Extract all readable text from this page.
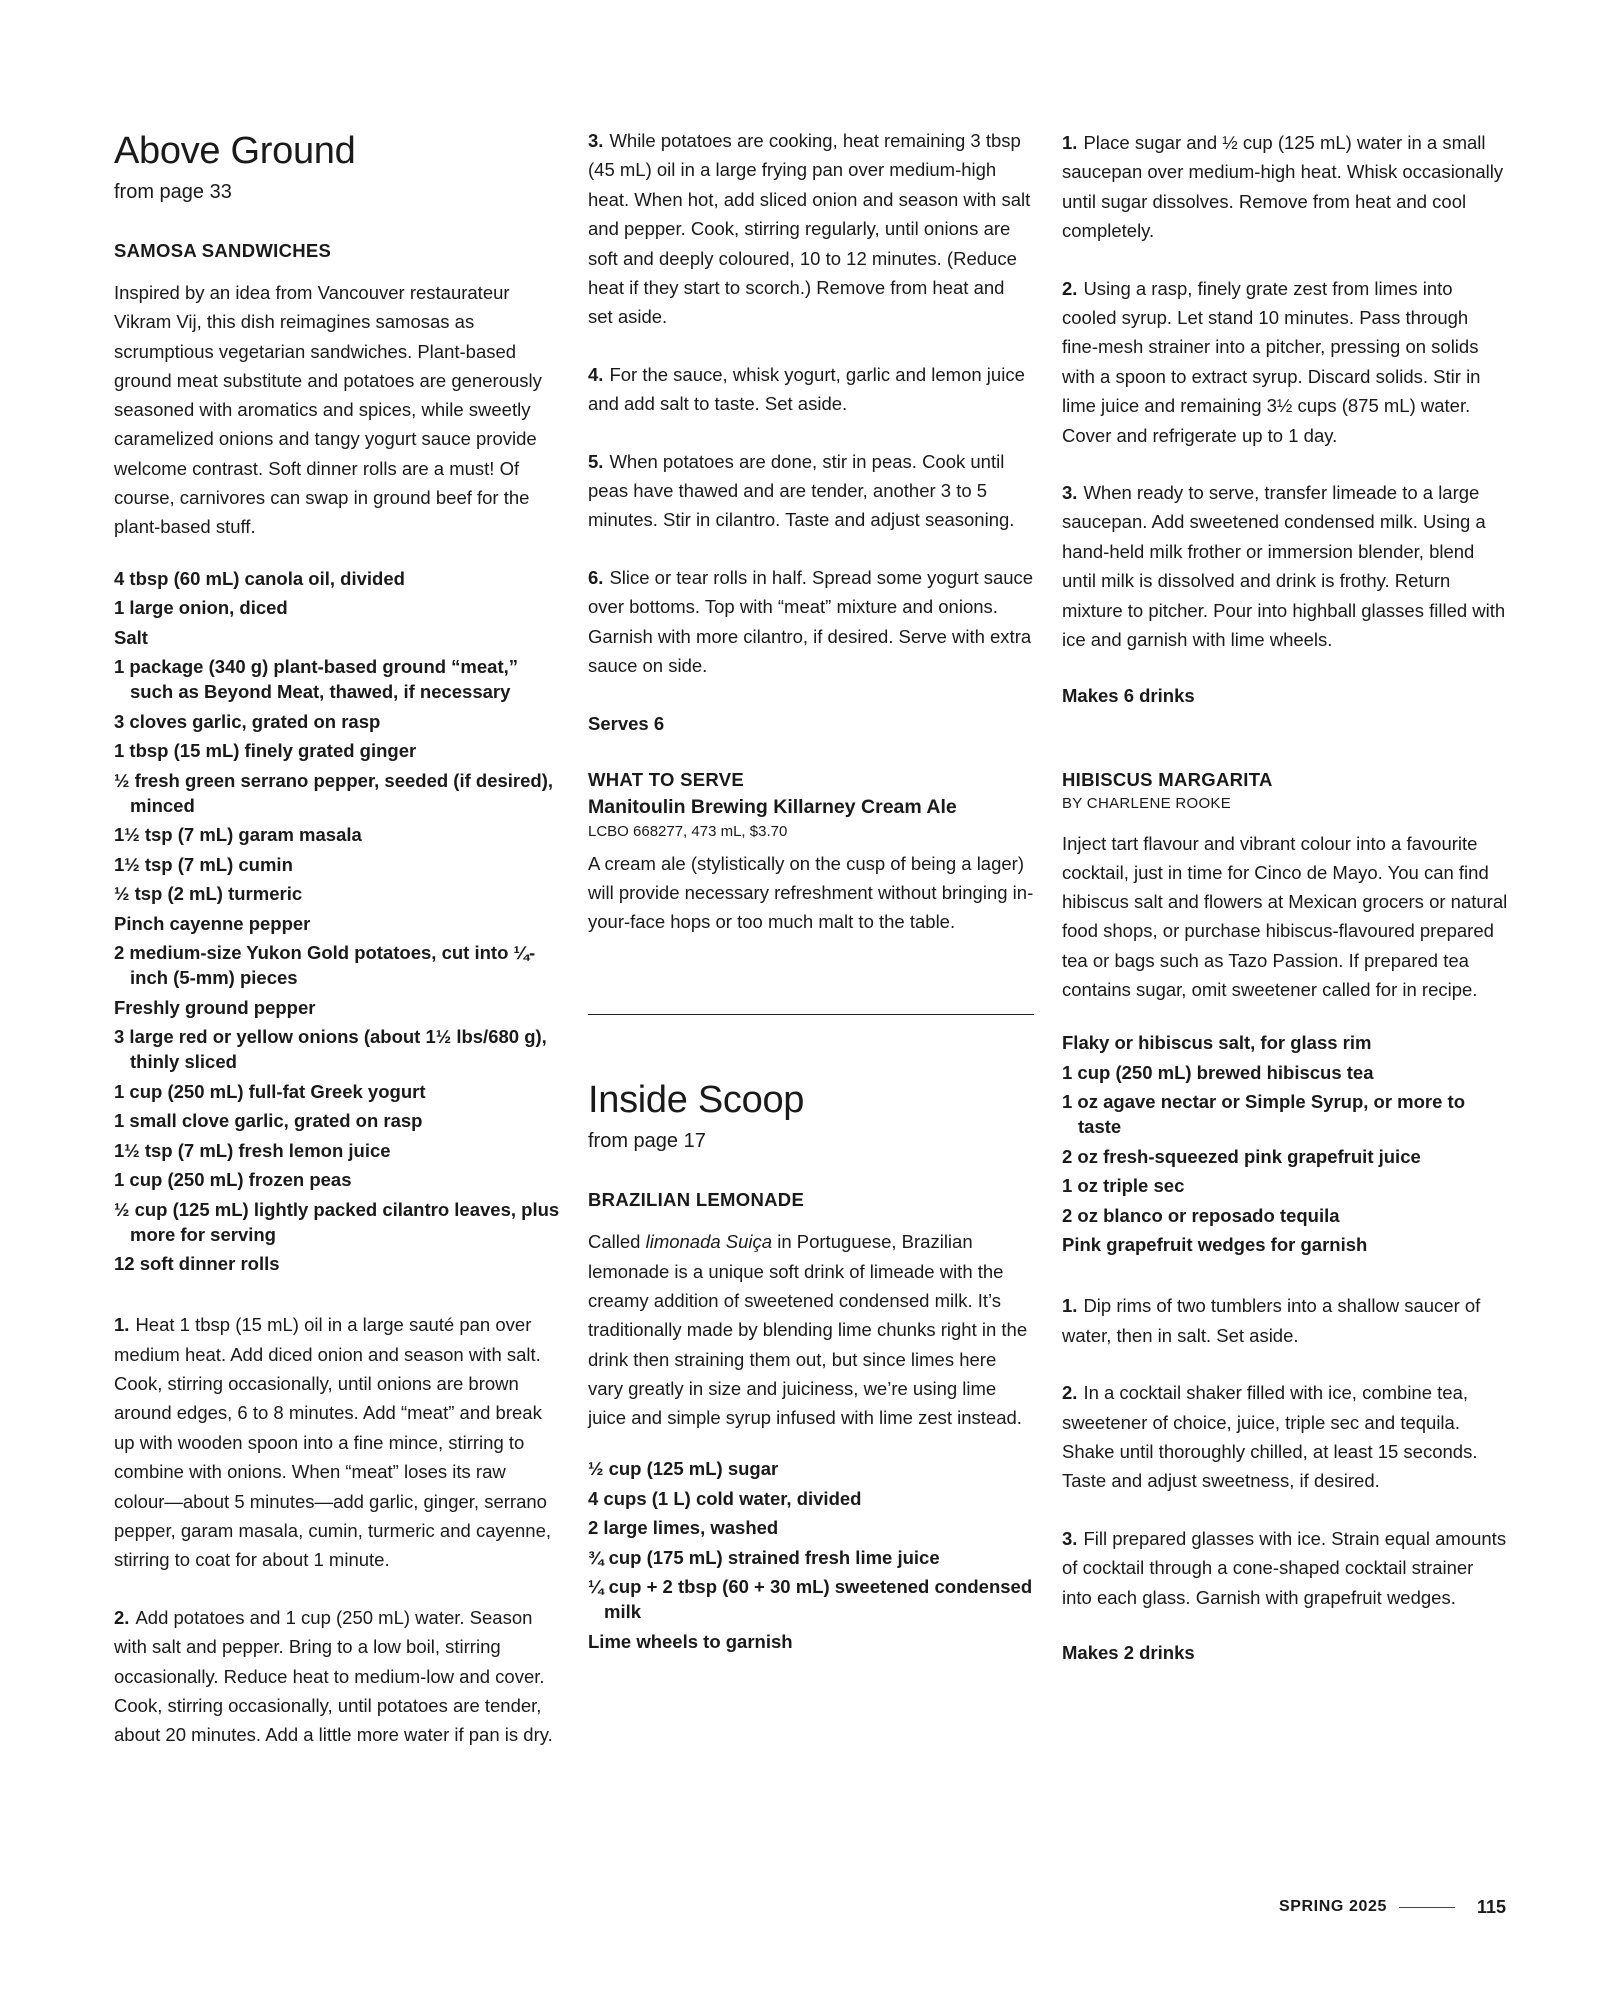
Above Ground

from page 33

SAMOSA SANDWICHES

Inspired by an idea from Vancouver restaurateur Vikram Vij, this dish reimagines samosas as scrumptious vegetarian sandwiches. Plant-based ground meat substitute and potatoes are generously seasoned with aromatics and spices, while sweetly caramelized onions and tangy yogurt sauce provide welcome contrast. Soft dinner rolls are a must! Of course, carnivores can swap in ground beef for the plant-based stuff.

4 tbsp (60 mL) canola oil, divided
1 large onion, diced
Salt
1 package (340 g) plant-based ground “meat,” such as Beyond Meat, thawed, if necessary
3 cloves garlic, grated on rasp
1 tbsp (15 mL) finely grated ginger
½ fresh green serrano pepper, seeded (if desired), minced
1½ tsp (7 mL) garam masala
1½ tsp (7 mL) cumin
½ tsp (2 mL) turmeric
Pinch cayenne pepper
2 medium-size Yukon Gold potatoes, cut into ¼-inch (5-mm) pieces
Freshly ground pepper
3 large red or yellow onions (about 1½ lbs/680 g), thinly sliced
1 cup (250 mL) full-fat Greek yogurt
1 small clove garlic, grated on rasp
1½ tsp (7 mL) fresh lemon juice
1 cup (250 mL) frozen peas
½ cup (125 mL) lightly packed cilantro leaves, plus more for serving
12 soft dinner rolls

1. Heat 1 tbsp (15 mL) oil in a large sauté pan over medium heat. Add diced onion and season with salt. Cook, stirring occasionally, until onions are brown around edges, 6 to 8 minutes. Add “meat” and break up with wooden spoon into a fine mince, stirring to combine with onions. When “meat” loses its raw colour—about 5 minutes—add garlic, ginger, serrano pepper, garam masala, cumin, turmeric and cayenne, stirring to coat for about 1 minute.

2. Add potatoes and 1 cup (250 mL) water. Season with salt and pepper. Bring to a low boil, stirring occasionally. Reduce heat to medium-low and cover. Cook, stirring occasionally, until potatoes are tender, about 20 minutes. Add a little more water if pan is dry.

3. While potatoes are cooking, heat remaining 3 tbsp (45 mL) oil in a large frying pan over medium-high heat. When hot, add sliced onion and season with salt and pepper. Cook, stirring regularly, until onions are soft and deeply coloured, 10 to 12 minutes. (Reduce heat if they start to scorch.) Remove from heat and set aside.

4. For the sauce, whisk yogurt, garlic and lemon juice and add salt to taste. Set aside.

5. When potatoes are done, stir in peas. Cook until peas have thawed and are tender, another 3 to 5 minutes. Stir in cilantro. Taste and adjust seasoning.

6. Slice or tear rolls in half. Spread some yogurt sauce over bottoms. Top with “meat” mixture and onions. Garnish with more cilantro, if desired. Serve with extra sauce on side.

Serves 6

WHAT TO SERVE

Manitoulin Brewing Killarney Cream Ale

LCBO 668277, 473 mL, $3.70

A cream ale (stylistically on the cusp of being a lager) will provide necessary refreshment without bringing in-your-face hops or too much malt to the table.

Inside Scoop

from page 17

BRAZILIAN LEMONADE

Called limonada Suiça in Portuguese, Brazilian lemonade is a unique soft drink of limeade with the creamy addition of sweetened condensed milk. It’s traditionally made by blending lime chunks right in the drink then straining them out, but since limes here vary greatly in size and juiciness, we’re using lime juice and simple syrup infused with lime zest instead.

½ cup (125 mL) sugar
4 cups (1 L) cold water, divided
2 large limes, washed
¾ cup (175 mL) strained fresh lime juice
¼ cup + 2 tbsp (60 + 30 mL) sweetened condensed milk
Lime wheels to garnish

1. Place sugar and ½ cup (125 mL) water in a small saucepan over medium-high heat. Whisk occasionally until sugar dissolves. Remove from heat and cool completely.

2. Using a rasp, finely grate zest from limes into cooled syrup. Let stand 10 minutes. Pass through fine-mesh strainer into a pitcher, pressing on solids with a spoon to extract syrup. Discard solids. Stir in lime juice and remaining 3½ cups (875 mL) water. Cover and refrigerate up to 1 day.

3. When ready to serve, transfer limeade to a large saucepan. Add sweetened condensed milk. Using a hand-held milk frother or immersion blender, blend until milk is dissolved and drink is frothy. Return mixture to pitcher. Pour into highball glasses filled with ice and garnish with lime wheels.

Makes 6 drinks

HIBISCUS MARGARITA

BY CHARLENE ROOKE

Inject tart flavour and vibrant colour into a favourite cocktail, just in time for Cinco de Mayo. You can find hibiscus salt and flowers at Mexican grocers or natural food shops, or purchase hibiscus-flavoured prepared tea or bags such as Tazo Passion. If prepared tea contains sugar, omit sweetener called for in recipe.

Flaky or hibiscus salt, for glass rim
1 cup (250 mL) brewed hibiscus tea
1 oz agave nectar or Simple Syrup, or more to taste
2 oz fresh-squeezed pink grapefruit juice
1 oz triple sec
2 oz blanco or reposado tequila
Pink grapefruit wedges for garnish

1. Dip rims of two tumblers into a shallow saucer of water, then in salt. Set aside.

2. In a cocktail shaker filled with ice, combine tea, sweetener of choice, juice, triple sec and tequila. Shake until thoroughly chilled, at least 15 seconds. Taste and adjust sweetness, if desired.

3. Fill prepared glasses with ice. Strain equal amounts of cocktail through a cone-shaped cocktail strainer into each glass. Garnish with grapefruit wedges.

Makes 2 drinks

SPRING 2025	115
